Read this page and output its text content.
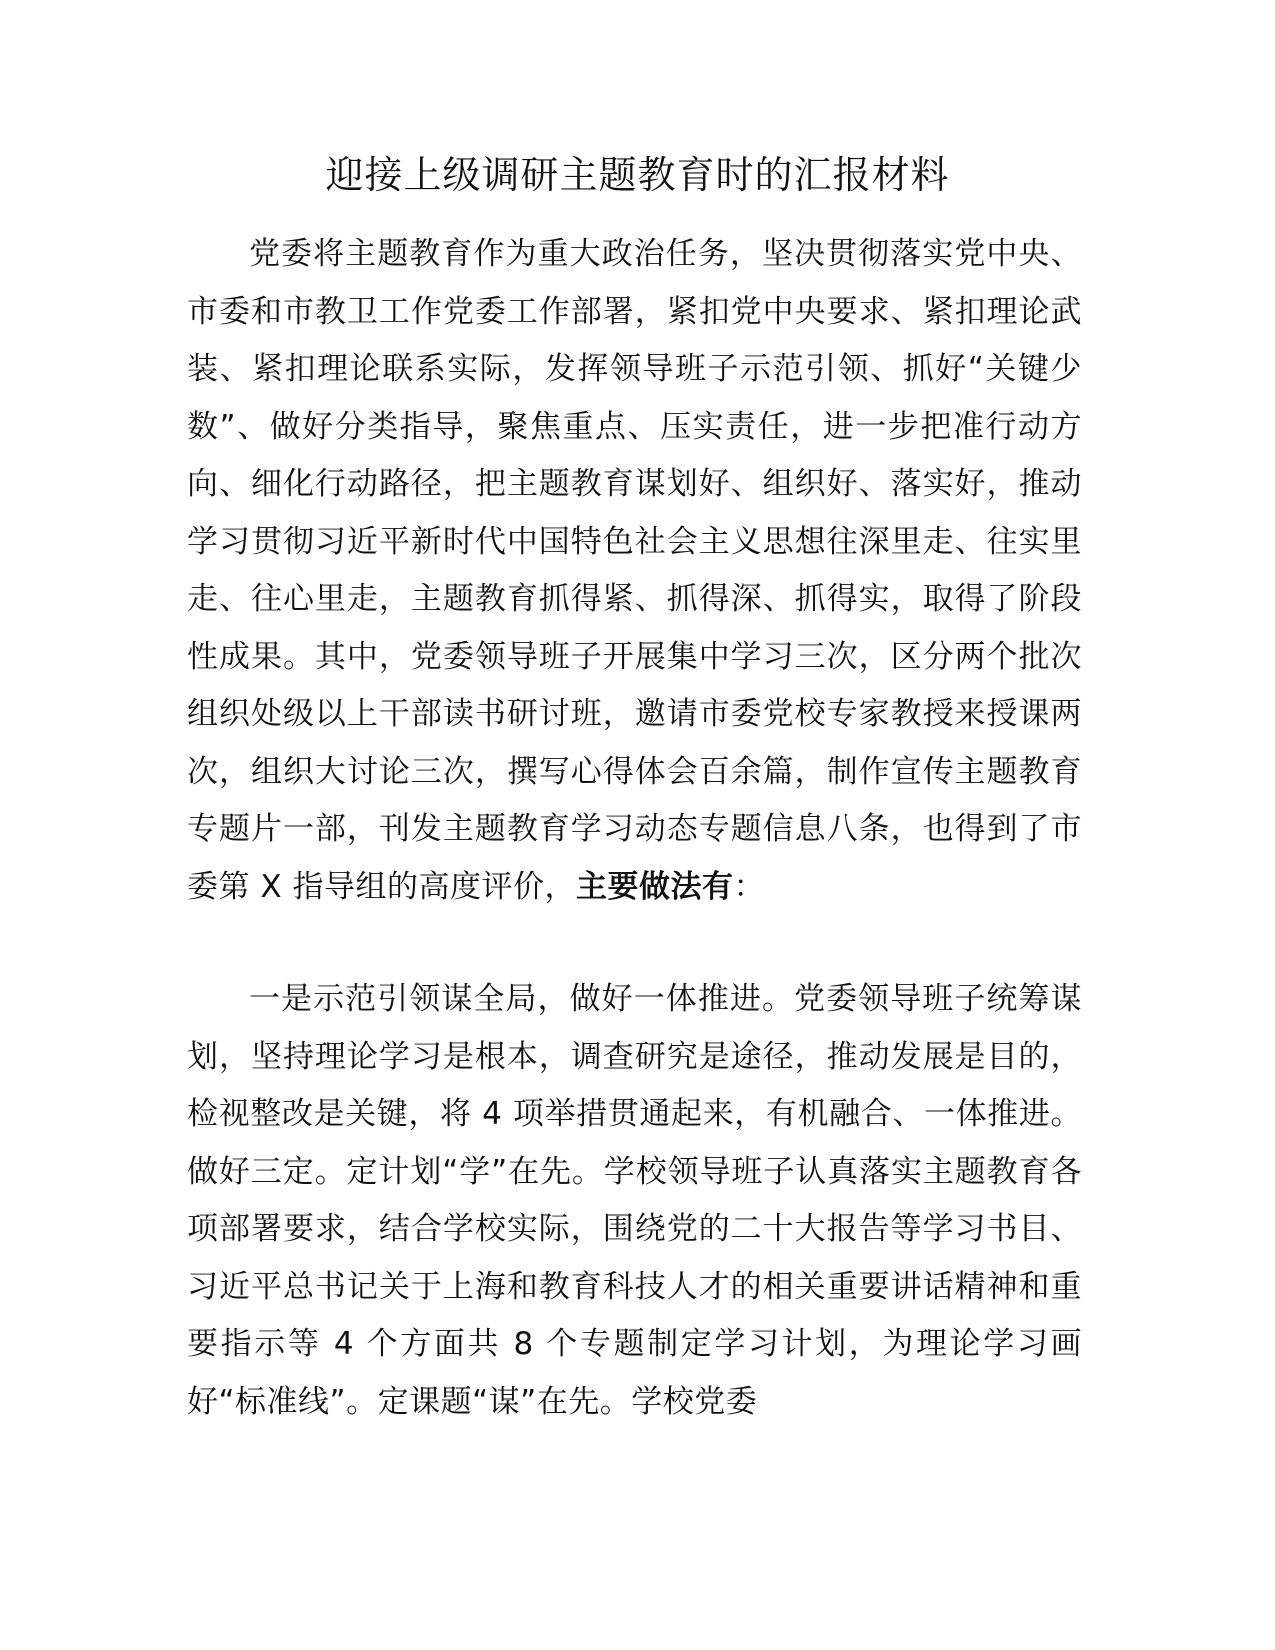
迎接上级调研主题教育时的汇报材料

党委将主题教育作为重大政治任务，坚决贯彻落实党中央、市委和市教卫工作党委工作部署，紧扣党中央要求、紧扣理论武装、紧扣理论联系实际，发挥领导班子示范引领、抓好“关键少数”、做好分类指导，聚焦重点、压实责任，进一步把准行动方向、细化行动路径，把主题教育谋划好、组织好、落实好，推动学习贯彻习近平新时代中国特色社会主义思想往深里走、往实里走、往心里走，主题教育抓得紧、抓得深、抓得实，取得了阶段性成果。其中，党委领导班子开展集中学习三次，区分两个批次组织处级以上干部读书研讨班，邀请市委党校专家教授来授课两次，组织大讨论三次，撰写心得体会百余篇，制作宣传主题教育专题片一部，刊发主题教育学习动态专题信息八条，也得到了市委第 X 指导组的高度评价，主要做法有：

一是示范引领谋全局，做好一体推进。党委领导班子统筹谋划，坚持理论学习是根本，调查研究是途径，推动发展是目的，检视整改是关键，将 4 项举措贯通起来，有机融合、一体推进。做好三定。定计划“学”在先。学校领导班子认真落实主题教育各项部署要求，结合学校实际，围绕党的二十大报告等学习书目、习近平总书记关于上海和教育科技人才的相关重要讲话精神和重要指示等 4 个方面共 8 个专题制定学习计划，为理论学习画好“标准线”。定课题“谋”在先。学校党委
